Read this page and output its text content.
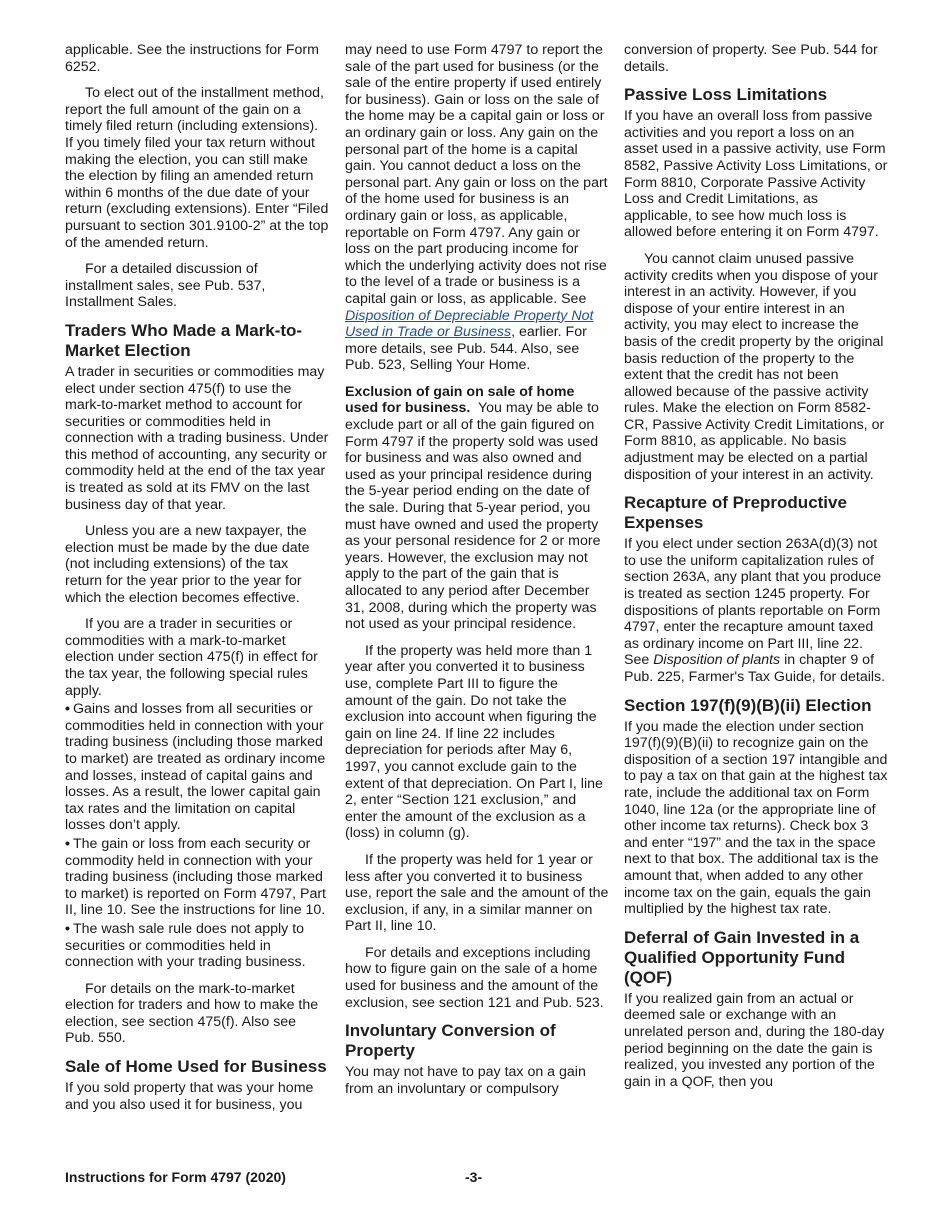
applicable. See the instructions for Form 6252.

To elect out of the installment method, report the full amount of the gain on a timely filed return (including extensions). If you timely filed your tax return without making the election, you can still make the election by filing an amended return within 6 months of the due date of your return (excluding extensions). Enter “Filed pursuant to section 301.9100-2” at the top of the amended return.

For a detailed discussion of installment sales, see Pub. 537, Installment Sales.

Traders Who Made a Mark-to-Market Election

A trader in securities or commodities may elect under section 475(f) to use the mark-to-market method to account for securities or commodities held in connection with a trading business. Under this method of accounting, any security or commodity held at the end of the tax year is treated as sold at its FMV on the last business day of that year.

Unless you are a new taxpayer, the election must be made by the due date (not including extensions) of the tax return for the year prior to the year for which the election becomes effective.

If you are a trader in securities or commodities with a mark-to-market election under section 475(f) in effect for the tax year, the following special rules apply.

• Gains and losses from all securities or commodities held in connection with your trading business (including those marked to market) are treated as ordinary income and losses, instead of capital gains and losses. As a result, the lower capital gain tax rates and the limitation on capital losses don’t apply.
• The gain or loss from each security or commodity held in connection with your trading business (including those marked to market) is reported on Form 4797, Part II, line 10. See the instructions for line 10.
• The wash sale rule does not apply to securities or commodities held in connection with your trading business.

For details on the mark-to-market election for traders and how to make the election, see section 475(f). Also see Pub. 550.

Sale of Home Used for Business

If you sold property that was your home and you also used it for business, you

may need to use Form 4797 to report the sale of the part used for business (or the sale of the entire property if used entirely for business). Gain or loss on the sale of the home may be a capital gain or loss or an ordinary gain or loss. Any gain on the personal part of the home is a capital gain. You cannot deduct a loss on the personal part. Any gain or loss on the part of the home used for business is an ordinary gain or loss, as applicable, reportable on Form 4797. Any gain or loss on the part producing income for which the underlying activity does not rise to the level of a trade or business is a capital gain or loss, as applicable. See Disposition of Depreciable Property Not Used in Trade or Business, earlier. For more details, see Pub. 544. Also, see Pub. 523, Selling Your Home.

Exclusion of gain on sale of home used for business.  You may be able to exclude part or all of the gain figured on Form 4797 if the property sold was used for business and was also owned and used as your principal residence during the 5-year period ending on the date of the sale. During that 5-year period, you must have owned and used the property as your personal residence for 2 or more years. However, the exclusion may not apply to the part of the gain that is allocated to any period after December 31, 2008, during which the property was not used as your principal residence.

If the property was held more than 1 year after you converted it to business use, complete Part III to figure the amount of the gain. Do not take the exclusion into account when figuring the gain on line 24. If line 22 includes depreciation for periods after May 6, 1997, you cannot exclude gain to the extent of that depreciation. On Part I, line 2, enter “Section 121 exclusion,” and enter the amount of the exclusion as a (loss) in column (g).

If the property was held for 1 year or less after you converted it to business use, report the sale and the amount of the exclusion, if any, in a similar manner on Part II, line 10.

For details and exceptions including how to figure gain on the sale of a home used for business and the amount of the exclusion, see section 121 and Pub. 523.

Involuntary Conversion of Property

You may not have to pay tax on a gain from an involuntary or compulsory

conversion of property. See Pub. 544 for details.

Passive Loss Limitations

If you have an overall loss from passive activities and you report a loss on an asset used in a passive activity, use Form 8582, Passive Activity Loss Limitations, or Form 8810, Corporate Passive Activity Loss and Credit Limitations, as applicable, to see how much loss is allowed before entering it on Form 4797.

You cannot claim unused passive activity credits when you dispose of your interest in an activity. However, if you dispose of your entire interest in an activity, you may elect to increase the basis of the credit property by the original basis reduction of the property to the extent that the credit has not been allowed because of the passive activity rules. Make the election on Form 8582-CR, Passive Activity Credit Limitations, or Form 8810, as applicable. No basis adjustment may be elected on a partial disposition of your interest in an activity.

Recapture of Preproductive Expenses

If you elect under section 263A(d)(3) not to use the uniform capitalization rules of section 263A, any plant that you produce is treated as section 1245 property. For dispositions of plants reportable on Form 4797, enter the recapture amount taxed as ordinary income on Part III, line 22. See Disposition of plants in chapter 9 of Pub. 225, Farmer's Tax Guide, for details.

Section 197(f)(9)(B)(ii) Election

If you made the election under section 197(f)(9)(B)(ii) to recognize gain on the disposition of a section 197 intangible and to pay a tax on that gain at the highest tax rate, include the additional tax on Form 1040, line 12a (or the appropriate line of other income tax returns). Check box 3 and enter “197” and the tax in the space next to that box. The additional tax is the amount that, when added to any other income tax on the gain, equals the gain multiplied by the highest tax rate.

Deferral of Gain Invested in a Qualified Opportunity Fund (QOF)

If you realized gain from an actual or deemed sale or exchange with an unrelated person and, during the 180-day period beginning on the date the gain is realized, you invested any portion of the gain in a QOF, then you

Instructions for Form 4797 (2020)	-3-
